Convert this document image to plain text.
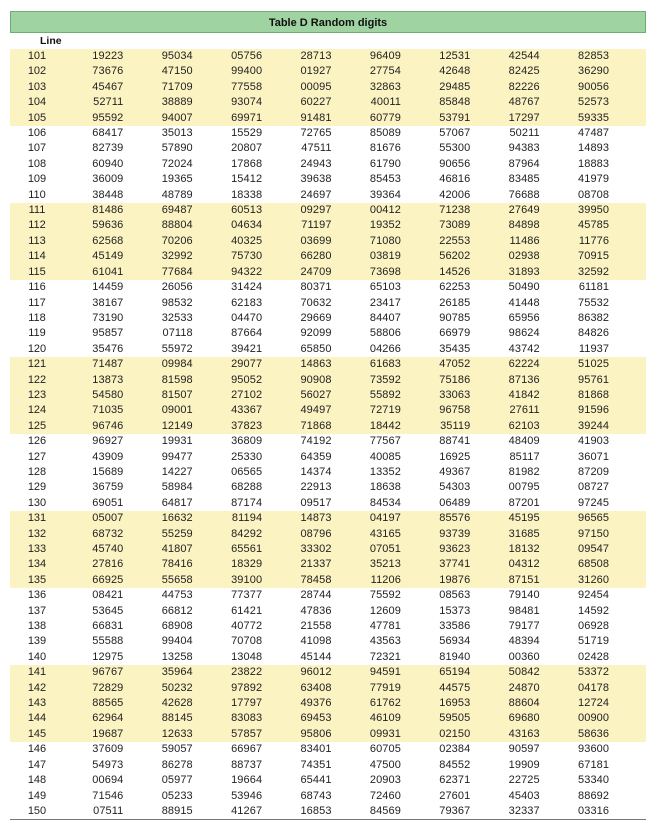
Table D Random digits
Line
101	19223	95034	05756	28713	96409	12531	42544	82853
102	73676	47150	99400	01927	27754	42648	82425	36290
103	45467	71709	77558	00095	32863	29485	82226	90056
104	52711	38889	93074	60227	40011	85848	48767	52573
105	95592	94007	69971	91481	60779	53791	17297	59335
106	68417	35013	15529	72765	85089	57067	50211	47487
107	82739	57890	20807	47511	81676	55300	94383	14893
108	60940	72024	17868	24943	61790	90656	87964	18883
109	36009	19365	15412	39638	85453	46816	83485	41979
110	38448	48789	18338	24697	39364	42006	76688	08708
111	81486	69487	60513	09297	00412	71238	27649	39950
112	59636	88804	04634	71197	19352	73089	84898	45785
113	62568	70206	40325	03699	71080	22553	11486	11776
114	45149	32992	75730	66280	03819	56202	02938	70915
115	61041	77684	94322	24709	73698	14526	31893	32592
116	14459	26056	31424	80371	65103	62253	50490	61181
117	38167	98532	62183	70632	23417	26185	41448	75532
118	73190	32533	04470	29669	84407	90785	65956	86382
119	95857	07118	87664	92099	58806	66979	98624	84826
120	35476	55972	39421	65850	04266	35435	43742	11937
121	71487	09984	29077	14863	61683	47052	62224	51025
122	13873	81598	95052	90908	73592	75186	87136	95761
123	54580	81507	27102	56027	55892	33063	41842	81868
124	71035	09001	43367	49497	72719	96758	27611	91596
125	96746	12149	37823	71868	18442	35119	62103	39244
126	96927	19931	36809	74192	77567	88741	48409	41903
127	43909	99477	25330	64359	40085	16925	85117	36071
128	15689	14227	06565	14374	13352	49367	81982	87209
129	36759	58984	68288	22913	18638	54303	00795	08727
130	69051	64817	87174	09517	84534	06489	87201	97245
131	05007	16632	81194	14873	04197	85576	45195	96565
132	68732	55259	84292	08796	43165	93739	31685	97150
133	45740	41807	65561	33302	07051	93623	18132	09547
134	27816	78416	18329	21337	35213	37741	04312	68508
135	66925	55658	39100	78458	11206	19876	87151	31260
136	08421	44753	77377	28744	75592	08563	79140	92454
137	53645	66812	61421	47836	12609	15373	98481	14592
138	66831	68908	40772	21558	47781	33586	79177	06928
139	55588	99404	70708	41098	43563	56934	48394	51719
140	12975	13258	13048	45144	72321	81940	00360	02428
141	96767	35964	23822	96012	94591	65194	50842	53372
142	72829	50232	97892	63408	77919	44575	24870	04178
143	88565	42628	17797	49376	61762	16953	88604	12724
144	62964	88145	83083	69453	46109	59505	69680	00900
145	19687	12633	57857	95806	09931	02150	43163	58636
146	37609	59057	66967	83401	60705	02384	90597	93600
147	54973	86278	88737	74351	47500	84552	19909	67181
148	00694	05977	19664	65441	20903	62371	22725	53340
149	71546	05233	53946	68743	72460	27601	45403	88692
150	07511	88915	41267	16853	84569	79367	32337	03316
